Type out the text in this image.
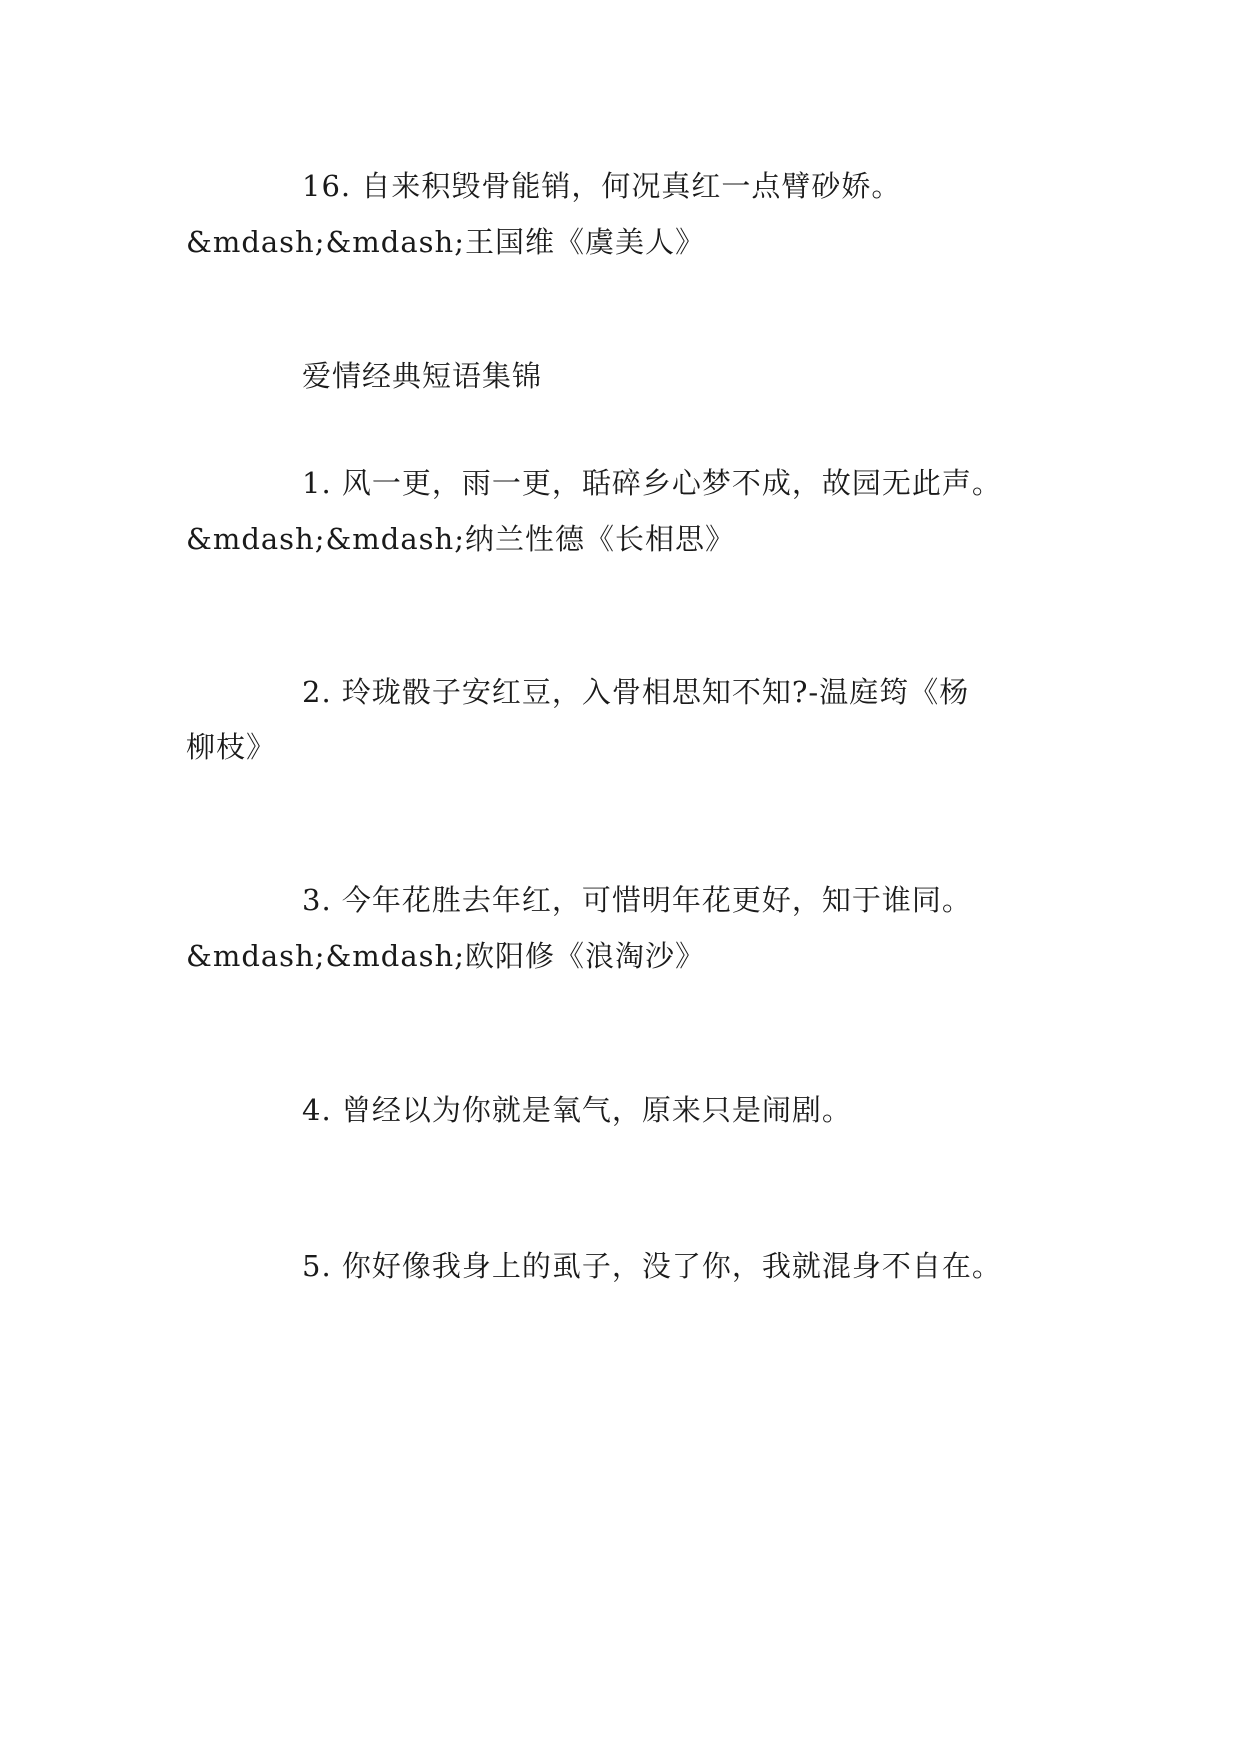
16. 自来积毁骨能销，何况真红一点臂砂娇。
&mdash;&mdash;王国维《虞美人》
爱情经典短语集锦
1. 风一更，雨一更，聒碎乡心梦不成，故园无此声。
&mdash;&mdash;纳兰性德《长相思》
2. 玲珑骰子安红豆，入骨相思知不知?-温庭筠《杨
柳枝》
3. 今年花胜去年红，可惜明年花更好，知于谁同。
&mdash;&mdash;欧阳修《浪淘沙》
4. 曾经以为你就是氧气，原来只是闹剧。
5. 你好像我身上的虱子，没了你，我就混身不自在。
